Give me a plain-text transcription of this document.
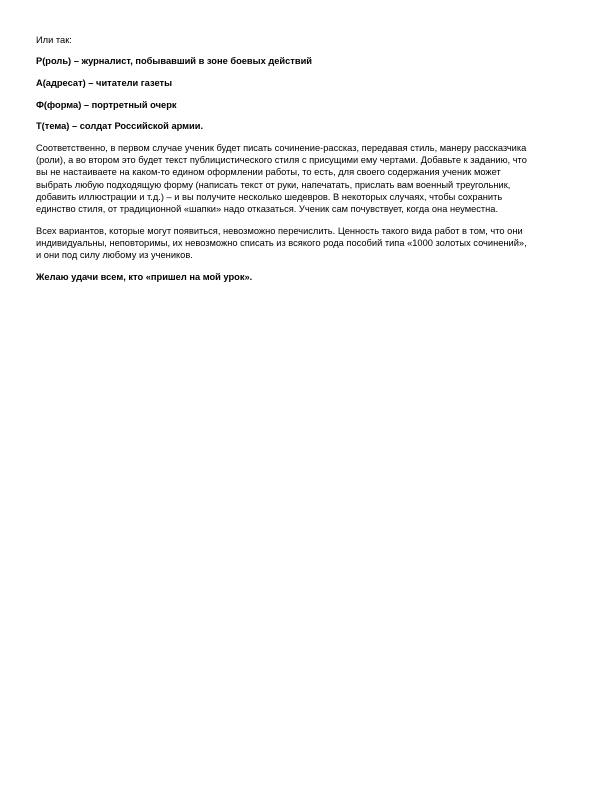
Или так:

Р(роль) – журналист, побывавший в зоне боевых действий

А(адресат) – читатели газеты

Ф(форма) – портретный очерк

Т(тема) – солдат Российской армии.

Соответственно, в первом случае ученик будет писать сочинение-рассказ, передавая стиль, манеру рассказчика
(роли), а во втором это будет текст публицистического стиля с присущими ему чертами. Добавьте к заданию, что
вы не настаиваете на каком-то едином оформлении работы, то есть, для своего содержания ученик может
выбрать любую подходящую форму (написать текст от руки, напечатать, прислать вам военный треугольник,
добавить иллюстрации и т.д.) – и вы получите несколько шедевров. В некоторых случаях, чтобы сохранить
единство стиля, от традиционной «шапки» надо отказаться. Ученик сам почувствует, когда она неуместна.

Всех вариантов, которые могут появиться, невозможно перечислить. Ценность такого вида работ в том, что они
индивидуальны, неповторимы, их невозможно списать из всякого рода пособий типа «1000 золотых сочинений»,
и они под силу любому из учеников.

Желаю удачи всем, кто «пришел на мой урок».
